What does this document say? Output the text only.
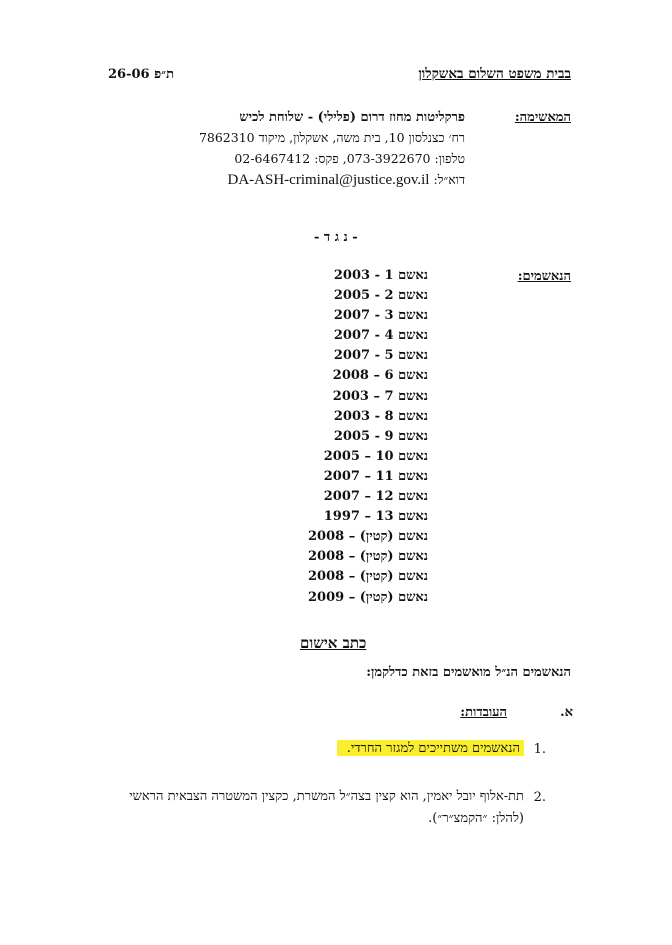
בבית משפט השלום באשקלון
ת״פ 26-06
המאשימה:
פרקליטות מחוז דרום (פלילי) - שלוחת לכיש
רח׳ כצנלסון 10, בית משה, אשקלון, מיקוד 7862310
טלפון: 073-3922670, פקס: 02-6467412
דוא״ל: DA-ASH-criminal@justice.gov.il
- נ ג ד -
הנאשמים:
נאשם 1 - 2003
נאשם 2 - 2005
נאשם 3 - 2007
נאשם 4 - 2007
נאשם 5 - 2007
נאשם 6 – 2008
נאשם 7 – 2003
נאשם 8 - 2003
נאשם 9 - 2005
נאשם 10 – 2005
נאשם 11 – 2007
נאשם 12 – 2007
נאשם 13 – 1997
נאשם (קטין) – 2008
נאשם (קטין) – 2008
נאשם (קטין) – 2008
נאשם (קטין) – 2009
כתב אישום
הנאשמים הנ״ל מואשמים בזאת כדלקמן:
א.
העובדות:
1.
הנאשמים משתייכים למגזר החרדי.
2.
תת-אלוף יובל יאמין, הוא קצין בצה״ל המשרת, כקצין המשטרה הצבאית הראשי
(להלן: ״הקמצ״ר״).
